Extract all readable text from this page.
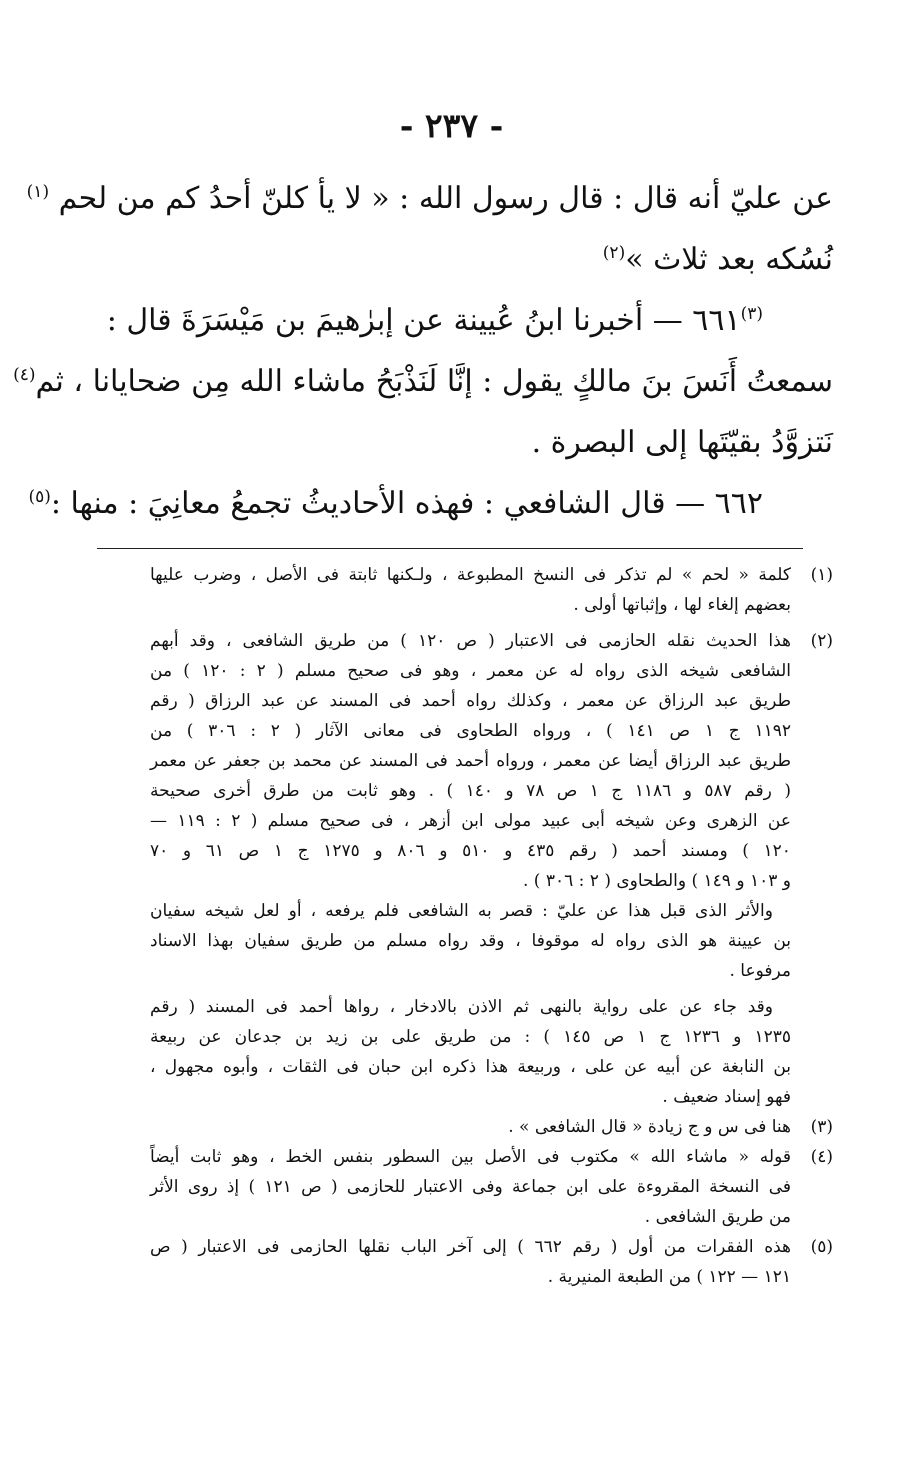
- ٢٣٧ -
عن عليّ أنه قال : قال رسول الله : « لا يأ كلنّ أحدُ كم من لحم $^{(١)}$
نُسُكه بعد ثلاث »$^{(٢)}$
$^{(٣)}$٦٦١ — أخبرنا ابنُ عُيينة عن إبرٰهيمَ بن مَيْسَرَةَ قال :
سمعتُ أَنَسَ بنَ مالكٍ يقول : إنَّا لَنَذْبَحُ ماشاء الله مِن ضحايانا ، ثم$^{(٤)}$
نَتزوَّدُ بقيّتَها إلى البصرة .
٦٦٢ — قال الشافعي : فهذه الأحاديثُ تجمعُ معانِيَ : منها :$^{(٥)}$
(١)
كلمة « لحم » لم تذكر فى النسخ المطبوعة ، ولـكنها ثابتة فى الأصل ، وضرب عليها
بعضهم إلغاء لها ، وإثباتها أولى .
(٢)
هذا الحديث نقله الحازمى فى الاعتبار ( ص ١٢٠ ) من طريق الشافعى ، وقد أبهم
الشافعى شيخه الذى رواه له عن معمر ، وهو فى صحيح مسلم ( ٢ : ١٢٠ ) من
طريق عبد الرزاق عن معمر ، وكذلك رواه أحمد فى المسند عن عبد الرزاق ( رقم
١١٩٢ ج ١ ص ١٤١ ) ، ورواه الطحاوى فى معانى الآثار ( ٢ : ٣٠٦ ) من
طريق عبد الرزاق أيضا عن معمر ، ورواه أحمد فى المسند عن محمد بن جعفر عن معمر
( رقم ٥٨٧ و ١١٨٦ ج ١ ص ٧٨ و ١٤٠ ) . وهو ثابت من طرق أخرى صحيحة
عن الزهرى وعن شيخه أبى عبيد مولى ابن أزهر ، فى صحيح مسلم ( ٢ : ١١٩ —
١٢٠ ) ومسند أحمد ( رقم ٤٣٥ و ٥١٠ و ٨٠٦ و ١٢٧٥ ج ١ ص ٦١ و ٧٠
و ١٠٣ و ١٤٩ ) والطحاوى ( ٢ : ٣٠٦ ) .
والأثر الذى قبل هذا عن عليّ : قصر به الشافعى فلم يرفعه ، أو لعل شيخه سفيان
بن عيينة هو الذى رواه له موقوفا ، وقد رواه مسلم من طريق سفيان بهذا الاسناد
مرفوعا .
وقد جاء عن على رواية بالنهى ثم الاذن بالادخار ، رواها أحمد فى المسند ( رقم
١٢٣٥ و ١٢٣٦ ج ١ ص ١٤٥ ) : من طريق على بن زيد بن جدعان عن ربيعة
بن النابغة عن أبيه عن على ، وربيعة هذا ذكره ابن حبان فى الثقات ، وأبوه مجهول ،
فهو إسناد ضعيف .
(٣)
هنا فى س و ج زيادة « قال الشافعى » .
(٤)
قوله « ماشاء الله » مكتوب فى الأصل بين السطور بنفس الخط ، وهو ثابت أيضاً
فى النسخة المقروءة على ابن جماعة وفى الاعتبار للحازمى ( ص ١٢١ ) إذ روى الأثر
من طريق الشافعى .
(٥)
هذه الفقرات من أول ( رقم ٦٦٢ ) إلى آخر الباب نقلها الحازمى فى الاعتبار ( ص
١٢١ — ١٢٢ ) من الطبعة المنيرية .
